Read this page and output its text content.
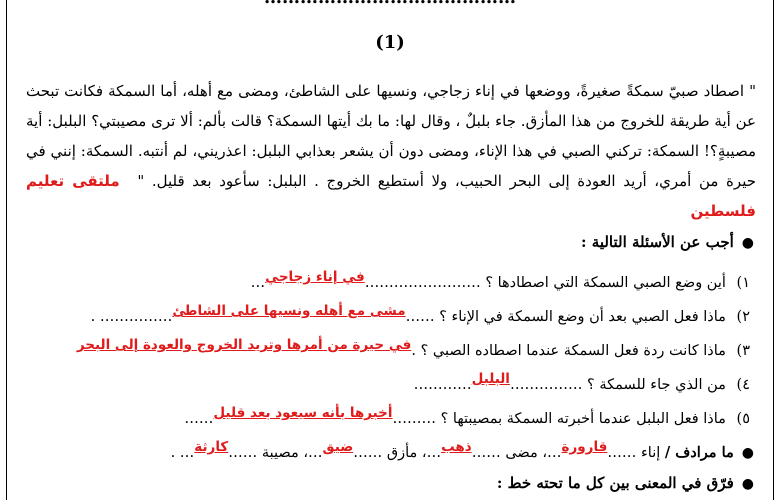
(1)
" اصطاد صبيّ سمكةً صغيرةً، ووضعها في إناء زجاجي، ونسيها على الشاطئ، ومضى مع أهله، أما السمكة فكانت تبحث عن أية طريقة للخروج من هذا المأزق. جاء بلبلٌ ، وقال لها: ما بك أيتها السمكة؟ قالت بألم: ألا ترى مصيبتي؟ البلبل: أية مصيبةٍ؟! السمكة: تركني الصبي في هذا الإناء، ومضى دون أن يشعر بعذابي البلبل: اعذريني، لم أنتبه. السمكة: إنني في حيرة من أمري، أريد العودة إلى البحر الحبيب، ولا أستطيع الخروج . البلبل: سأعود بعد قليل. " ملتقى تعليم فلسطين
●أجب عن الأسئلة التالية :
١) أين وضع الصبي السمكة التي اصطادها ؟ ……………………في إناء زجاجي…
٢) ماذا فعل الصبي بعد أن وضع السمكة في الإناء ؟ ……مشى مع أهله ونسيها على الشاطئ…………… .
٣) ماذا كانت ردة فعل السمكة عندما اصطاده الصبي ؟ .في حيرة من أمرها وتريد الخروج والعودة إلى البحر
٤) من الذي جاء للسمكة ؟ ……………البلبل…………
٥) ماذا فعل البلبل عندما أخبرته السمكة بمصيبتها ؟ ………أخبرها بأنه سيعود بعد قليل……
●ما مرادف / إناء ……قارورة…، مضى ……ذهب…، مأزق ……ضيق…، مصيبة ……كارثة… .
●فرّق في المعنى بين كل ما تحته خط :
